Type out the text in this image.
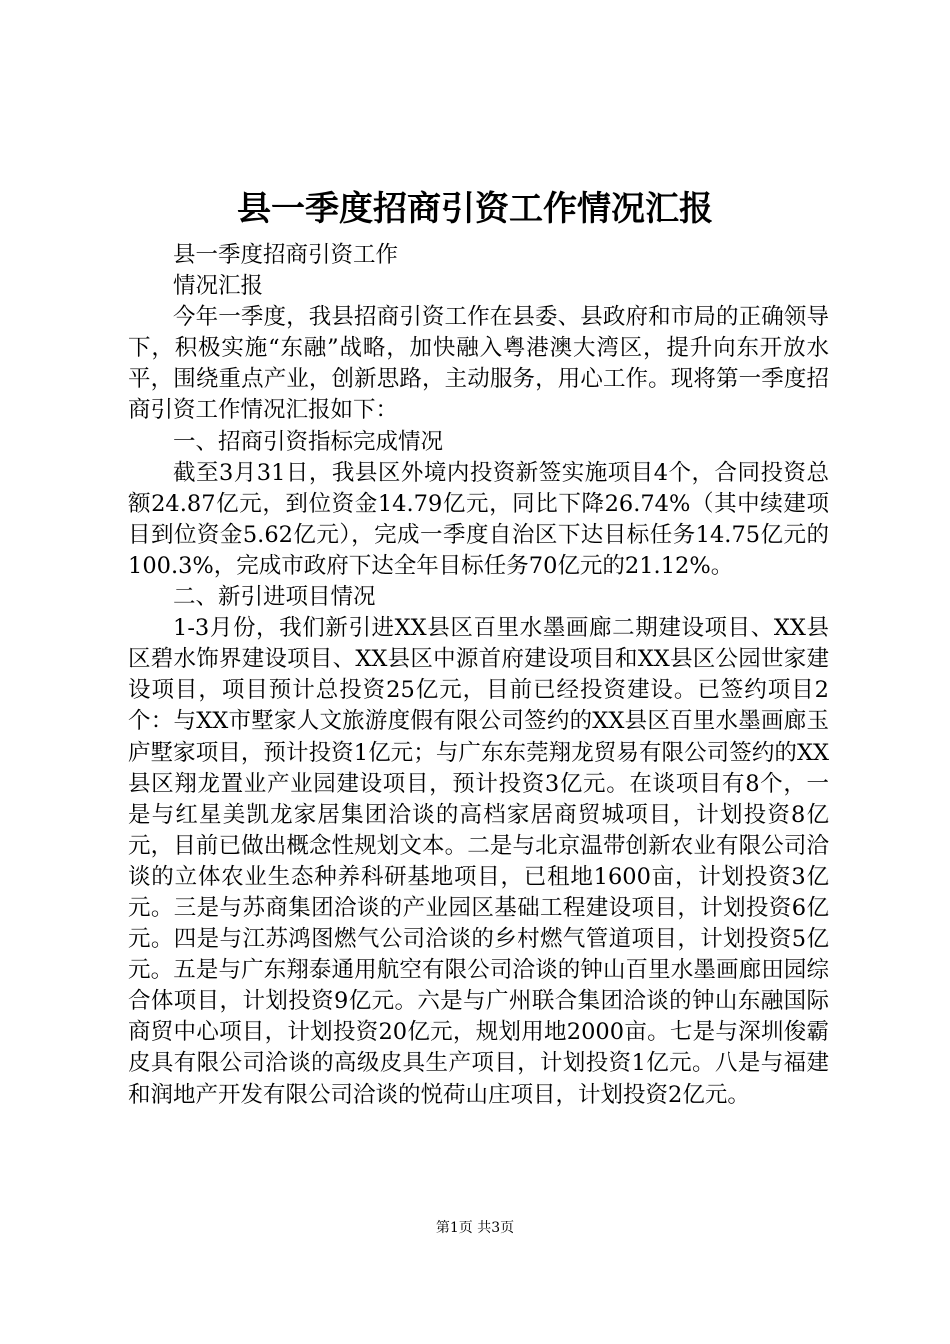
县一季度招商引资工作情况汇报

县一季度招商引资工作

情况汇报

今年一季度，我县招商引资工作在县委、县政府和市局的正确领导下，积极实施“东融”战略，加快融入粤港澳大湾区，提升向东开放水平，围绕重点产业，创新思路，主动服务，用心工作。现将第一季度招商引资工作情况汇报如下：

一、招商引资指标完成情况

截至3月31日，我县区外境内投资新签实施项目4个，合同投资总额24.87亿元，到位资金14.79亿元，同比下降26.74%（其中续建项目到位资金5.62亿元），完成一季度自治区下达目标任务14.75亿元的100.3%，完成市政府下达全年目标任务70亿元的21.12%。

二、新引进项目情况

1-3月份，我们新引进XX县区百里水墨画廊二期建设项目、XX县区碧水饰界建设项目、XX县区中源首府建设项目和XX县区公园世家建设项目，项目预计总投资25亿元，目前已经投资建设。已签约项目2个：与XX市墅家人文旅游度假有限公司签约的XX县区百里水墨画廊玉庐墅家项目，预计投资1亿元；与广东东莞翔龙贸易有限公司签约的XX县区翔龙置业产业园建设项目，预计投资3亿元。在谈项目有8个，一是与红星美凯龙家居集团洽谈的高档家居商贸城项目，计划投资8亿元，目前已做出概念性规划文本。二是与北京温带创新农业有限公司洽谈的立体农业生态种养科研基地项目，已租地1600亩，计划投资3亿元。三是与苏商集团洽谈的产业园区基础工程建设项目，计划投资6亿元。四是与江苏鸿图燃气公司洽谈的乡村燃气管道项目，计划投资5亿元。五是与广东翔泰通用航空有限公司洽谈的钟山百里水墨画廊田园综合体项目，计划投资9亿元。六是与广州联合集团洽谈的钟山东融国际商贸中心项目，计划投资20亿元，规划用地2000亩。七是与深圳俊霸皮具有限公司洽谈的高级皮具生产项目，计划投资1亿元。八是与福建和润地产开发有限公司洽谈的悦荷山庄项目，计划投资2亿元。

第1页 共3页
